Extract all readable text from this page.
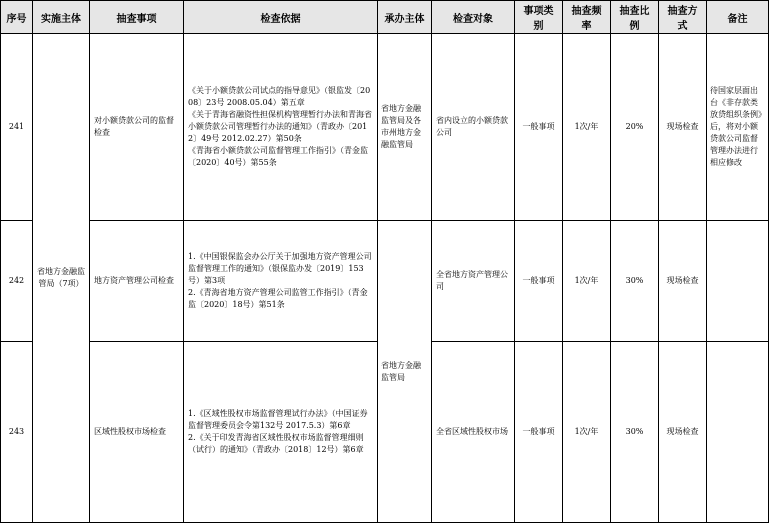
序号	实施主体	抽查事项	检查依据	承办主体	检查对象	事项类别	抽查频率	抽查比例	抽查方式	备注
241	省地方金融监管局（7项）	对小额贷款公司的监督检查	《关于小额贷款公司试点的指导意见》（银监发〔2008〕23号 2008.05.04）第五章
《关于青海省融资性担保机构管理暂行办法和青海省小额贷款公司管理暂行办法的通知》（青政办〔2012〕49号 2012.02.27）第50条
《青海省小额贷款公司监督管理工作指引》（青金监〔2020〕40号）第55条	省地方金融监管局及各市州地方金融监管局	省内设立的小额贷款公司	一般事项	1次/年	20%	现场检查	待国家层面出台《非存款类放贷组织条例》后，将对小额贷款公司监督管理办法进行相应修改
242		地方资产管理公司检查	1.《中国银保监会办公厅关于加强地方资产管理公司监督管理工作的通知》（银保监办发〔2019〕153号）第3项
2.《青海省地方资产管理公司监管工作指引》（青金监〔2020〕18号）第51条	省地方金融监管局	全省地方资产管理公司	一般事项	1次/年	30%	现场检查	
243		区域性股权市场检查	1.《区域性股权市场监督管理试行办法》（中国证券监督管理委员会令第132号 2017.5.3）第6章
2.《关于印发青海省区域性股权市场监督管理细则（试行）的通知》（青政办〔2018〕12号）第6章		全省区域性股权市场	一般事项	1次/年	30%	现场检查	
